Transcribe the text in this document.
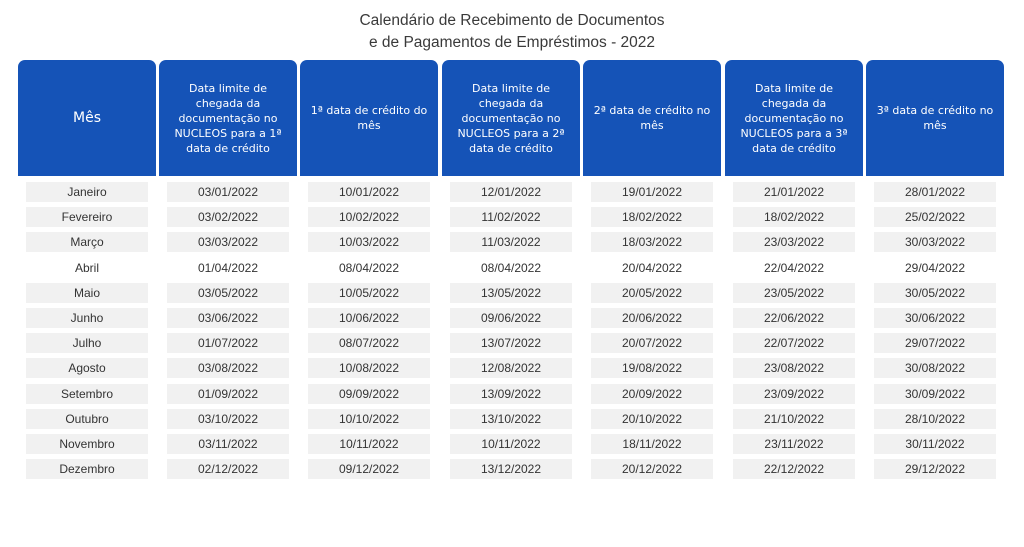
Calendário de Recebimento de Documentos
e de Pagamentos de Empréstimos - 2022
Mês
Janeiro
Fevereiro
Março
Abril
Maio
Junho
Julho
Agosto
Setembro
Outubro
Novembro
Dezembro
Data limite de chegada da documentação no NUCLEOS para a 1ª data de crédito
03/01/2022
03/02/2022
03/03/2022
01/04/2022
03/05/2022
03/06/2022
01/07/2022
03/08/2022
01/09/2022
03/10/2022
03/11/2022
02/12/2022
1ª data de crédito do mês
10/01/2022
10/02/2022
10/03/2022
08/04/2022
10/05/2022
10/06/2022
08/07/2022
10/08/2022
09/09/2022
10/10/2022
10/11/2022
09/12/2022
Data limite de chegada da documentação no NUCLEOS para a 2ª data de crédito
12/01/2022
11/02/2022
11/03/2022
08/04/2022
13/05/2022
09/06/2022
13/07/2022
12/08/2022
13/09/2022
13/10/2022
10/11/2022
13/12/2022
2ª data de crédito no mês
19/01/2022
18/02/2022
18/03/2022
20/04/2022
20/05/2022
20/06/2022
20/07/2022
19/08/2022
20/09/2022
20/10/2022
18/11/2022
20/12/2022
Data limite de chegada da documentação no NUCLEOS para a 3ª data de crédito
21/01/2022
18/02/2022
23/03/2022
22/04/2022
23/05/2022
22/06/2022
22/07/2022
23/08/2022
23/09/2022
21/10/2022
23/11/2022
22/12/2022
3ª data de crédito no mês
28/01/2022
25/02/2022
30/03/2022
29/04/2022
30/05/2022
30/06/2022
29/07/2022
30/08/2022
30/09/2022
28/10/2022
30/11/2022
29/12/2022
